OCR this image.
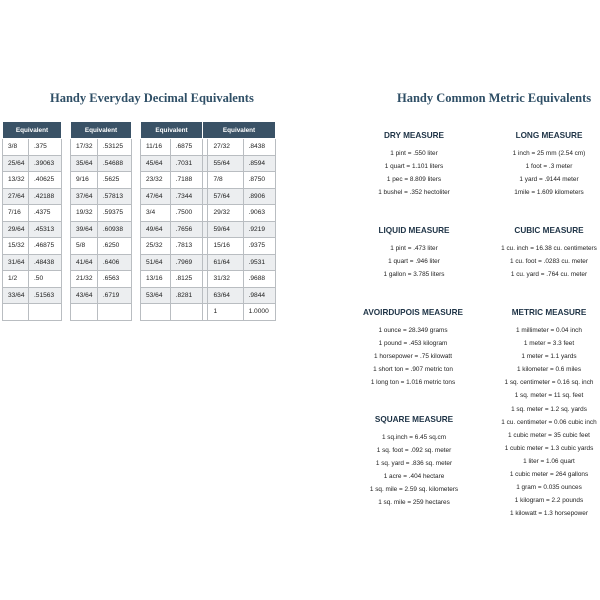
Handy Everyday Decimal Equivalents	Handy Common Metric Equivalents
Equivalent	
3/8	.375
25/64	.39063
13/32	.40625
27/64	.42188
7/16	.4375
29/64	.45313
15/32	.46875
31/64	.48438
1/2	.50
33/64	.51563

Equivalent	
17/32	.53125
35/64	.54688
9/16	.5625
37/64	.57813
19/32	.59375
39/64	.60938
5/8	.6250
41/64	.6406
21/32	.6563
43/64	.6719

Equivalent		Equivalent		
11/16	.6875		27/32	.8438
45/64	.7031		55/64	.8594
23/32	.7188		7/8	.8750
47/64	.7344		57/64	.8906
3/4	.7500		29/32	.9063
49/64	.7656		59/64	.9219
25/32	.7813		15/16	.9375
51/64	.7969		61/64	.9531
13/16	.8125		31/32	.9688
53/64	.8281		63/64	.9844
			1	1.0000
DRY MEASURE
1 pint = .550 liter
1 quart = 1.101 liters
1 pec = 8.809 liters
1 bushel = .352 hectoliter
LONG MEASURE
1 inch = 25 mm (2.54 cm)
1 foot = .3 meter
1 yard = .9144 meter
1mile = 1.609 kilometers
LIQUID MEASURE
1 pint = .473 liter
1 quart = .946 liter
1 gallon = 3.785 liters
CUBIC MEASURE
1 cu. inch = 16.38 cu. centimeters
1 cu. foot = .0283 cu. meter
1 cu. yard = .764 cu. meter
AVOIRDUPOIS MEASURE
1 ounce = 28.349 grams
1 pound = .453 kilogram
1 horsepower = .75 kilowatt
1 short ton = .907 metric ton
1 long ton = 1.016 metric tons
METRIC MEASURE
1 millimeter = 0.04 inch
1 meter = 3.3 feet
1 meter = 1.1 yards
1 kilometer = 0.6 miles
1 sq. centimeter = 0.16 sq. inch
1 sq. meter = 11 sq. feet
1 sq. meter = 1.2 sq. yards
1 cu. centimeter = 0.06 cubic inch
1 cubic meter = 35 cubic feet
1 cubic meter = 1.3 cubic yards
1 liter = 1.06 quart
1 cubic meter = 264 gallons
1 gram = 0.035 ounces
1 kilogram = 2.2 pounds
1 kilowatt = 1.3 horsepower
SQUARE MEASURE
1 sq.inch = 6.45 sq.cm
1 sq. foot = .092 sq. meter
1 sq. yard = .836 sq. meter
1 acre = .404 hectare
1 sq. mile = 2.59 sq. kilometers
1 sq. mile = 259 hectares
